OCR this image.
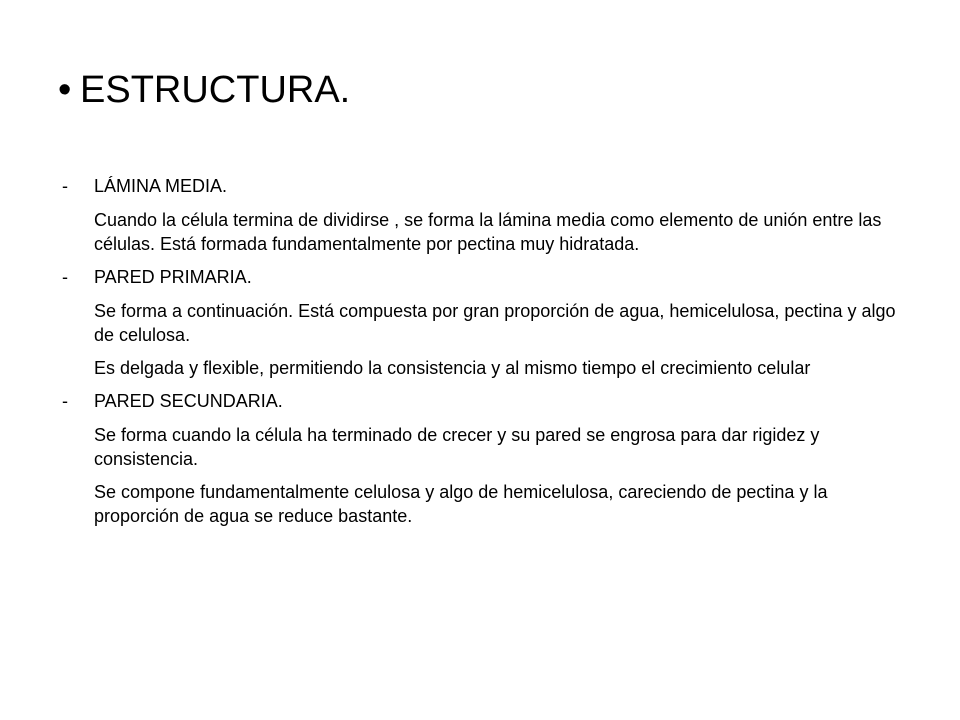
• ESTRUCTURA.
- LÁMINA MEDIA.
Cuando la célula termina de dividirse , se forma la lámina media como elemento de unión entre las células. Está formada fundamentalmente por pectina muy hidratada.
- PARED PRIMARIA.
Se forma a continuación. Está compuesta por gran proporción de agua, hemicelulosa, pectina y algo de celulosa.
Es delgada y flexible, permitiendo la consistencia y al mismo tiempo el crecimiento celular
- PARED SECUNDARIA.
Se forma cuando la célula ha terminado de crecer y su pared se engrosa para dar rigidez y consistencia.
Se compone fundamentalmente celulosa y algo de hemicelulosa, careciendo de pectina y la proporción de agua se reduce bastante.
